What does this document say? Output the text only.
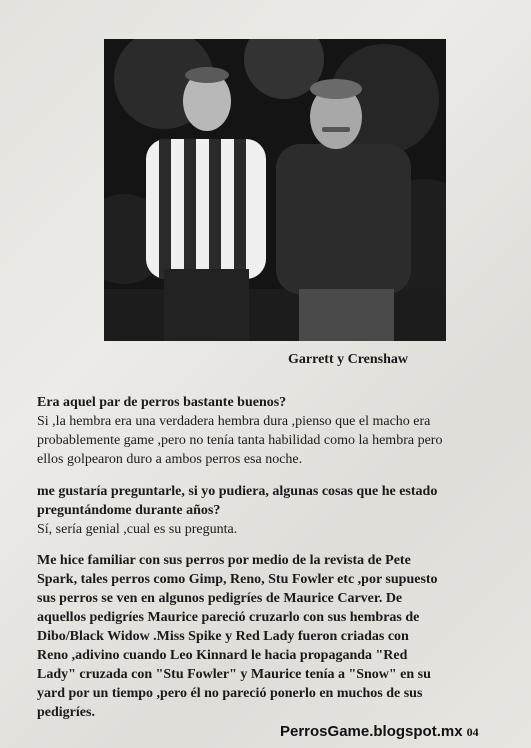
Garrett y Crenshaw
Era aquel par de perros bastante buenos?
Si ,la hembra era una verdadera hembra dura ,pienso que el macho era
probablemente game ,pero no tenía tanta habilidad como la hembra pero
ellos golpearon duro a ambos perros esa noche.
me gustaría preguntarle, si yo pudiera, algunas cosas que he estado
preguntándome durante años?
Sí, sería genial ,cual es su pregunta.
Me hice familiar con sus perros por medio de la revista de Pete
Spark, tales perros como Gimp, Reno, Stu Fowler etc ,por supuesto
sus perros se ven en algunos pedigríes de Maurice Carver. De
aquellos pedigríes Maurice pareció cruzarlo con sus hembras de
Dibo/Black Widow .Miss Spike y Red Lady fueron criadas con
Reno ,adivino cuando Leo Kinnard le hacia propaganda "Red
Lady" cruzada con "Stu Fowler" y Maurice tenía a "Snow" en su
yard por un tiempo ,pero él no pareció ponerlo en muchos de sus
pedigríes.
PerrosGame.blogspot.mx 04
